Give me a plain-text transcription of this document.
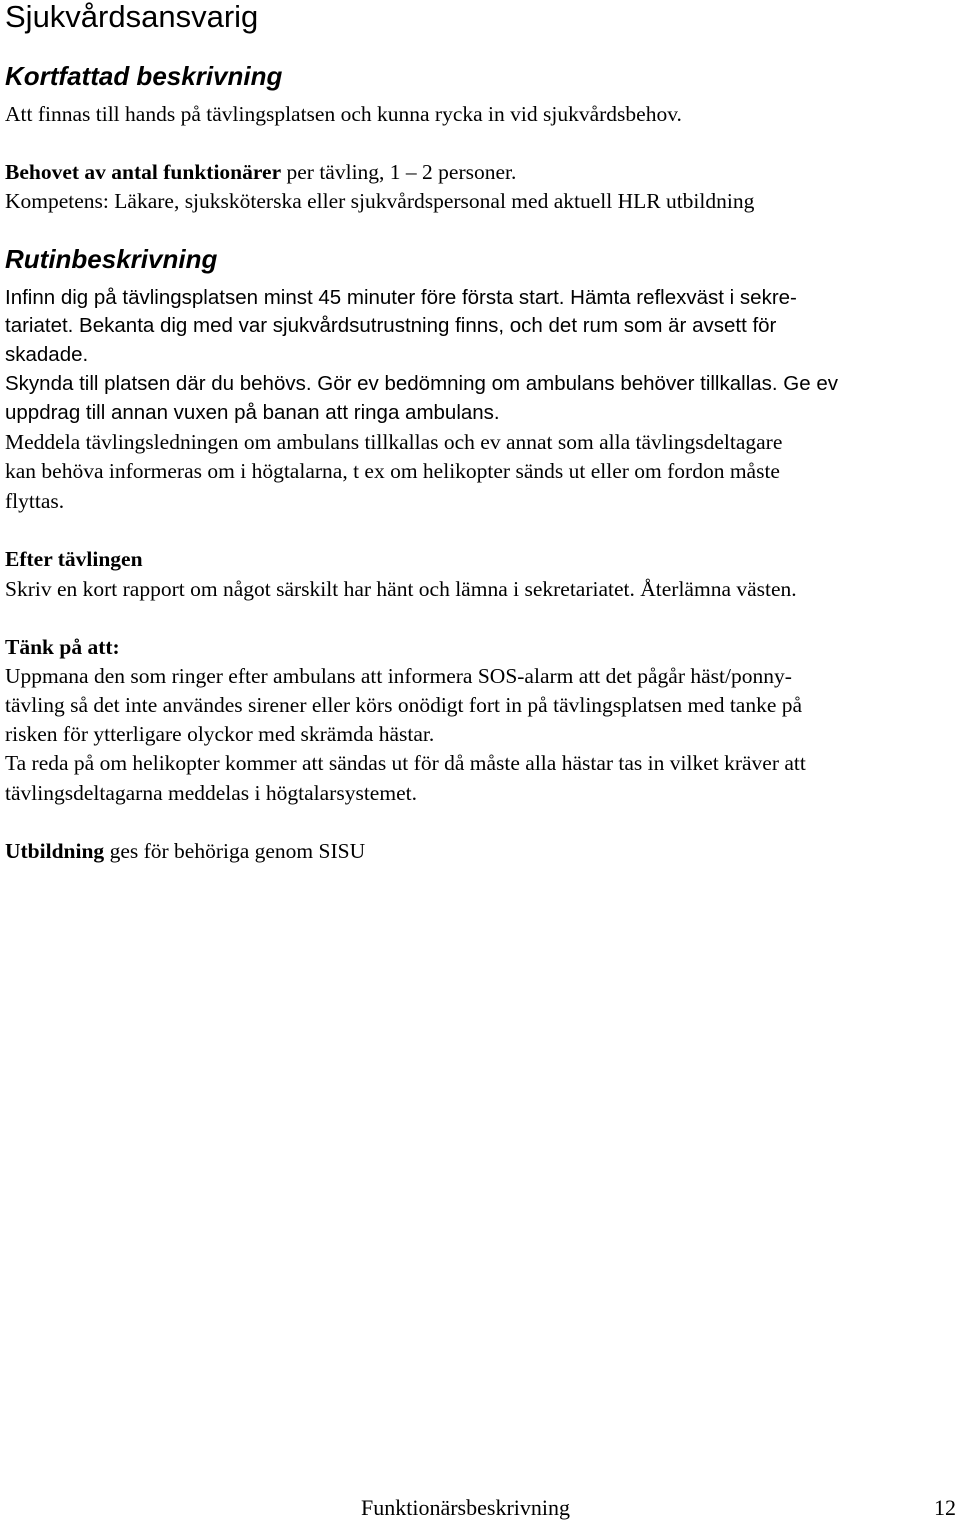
Sjukvårdsansvarig
Kortfattad beskrivning

Att finnas till hands på tävlingsplatsen och kunna rycka in vid sjukvårdsbehov.

Behovet av antal funktionärer per tävling, 1 – 2 personer.

Kompetens: Läkare, sjuksköterska eller sjukvårdspersonal med aktuell HLR utbildning

Rutinbeskrivning

Infinn dig på tävlingsplatsen minst 45 minuter före första start. Hämta reflexväst i sekre-

tariatet. Bekanta dig med var sjukvårdsutrustning finns, och det rum som är avsett för

skadade.

Skynda till platsen där du behövs. Gör ev bedömning om ambulans behöver tillkallas. Ge ev

uppdrag till annan vuxen på banan att ringa ambulans.

Meddela tävlingsledningen om ambulans tillkallas och ev annat som alla tävlingsdeltagare

kan behöva informeras om i högtalarna, t ex om helikopter sänds ut eller om fordon måste

flyttas.

Efter tävlingen

Skriv en kort rapport om något särskilt har hänt och lämna i sekretariatet. Återlämna västen.

Tänk på att:

Uppmana den som ringer efter ambulans att informera SOS-alarm att det pågår häst/ponny-

tävling så det inte användes sirener eller körs onödigt fort in på tävlingsplatsen med tanke på

risken för ytterligare olyckor med skrämda hästar.

Ta reda på om helikopter kommer att sändas ut för då måste alla hästar tas in vilket kräver att

tävlingsdeltagarna meddelas i högtalarsystemet.

Utbildning ges för behöriga genom SISU

Funktionärsbeskrivning	12
